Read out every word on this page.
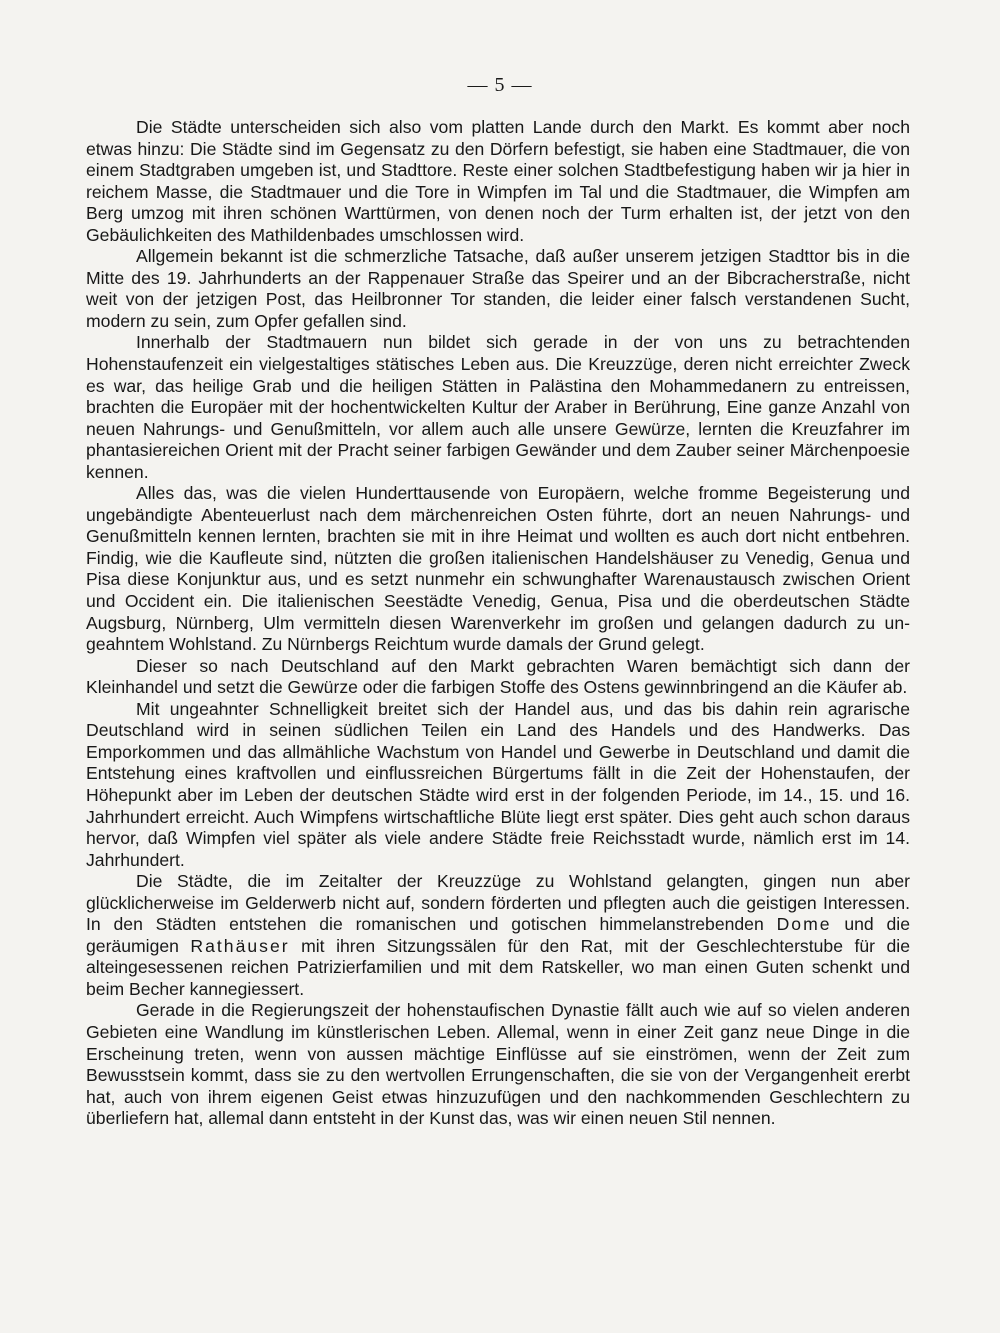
— 5 —

Die Städte unterscheiden sich also vom platten Lande durch den Markt. Es kommt aber noch etwas hinzu: Die Städte sind im Gegensatz zu den Dörfern befestigt, sie haben eine Stadtmauer, die von einem Stadtgraben umgeben ist, und Stadttore. Reste einer solchen Stadtbefestigung haben wir ja hier in reichem Masse, die Stadtmauer und die Tore in Wimpfen im Tal und die Stadtmauer, die Wimpfen am Berg umzog mit ihren schönen Warttürmen, von denen noch der Turm erhalten ist, der jetzt von den Gebäulichkeiten des Mathildenbades umschlossen wird.

Allgemein bekannt ist die schmerzliche Tatsache, daß außer unserem jetzigen Stadttor bis in die Mitte des 19. Jahrhunderts an der Rappenauer Straße das Speirer und an der Bibcracherstraße, nicht weit von der jetzigen Post, das Heilbronner Tor standen, die leider einer falsch verstandenen Sucht, modern zu sein, zum Opfer gefallen sind.

Innerhalb der Stadtmauern nun bildet sich gerade in der von uns zu betrachtenden Hohenstaufenzeit ein vielgestaltiges stätisches Leben aus. Die Kreuzzüge, deren nicht erreichter Zweck es war, das heilige Grab und die heiligen Stätten in Palästina den Mohammedanern zu entreissen, brachten die Europäer mit der hochentwickelten Kultur der Araber in Berührung, Eine ganze Anzahl von neuen Nahrungs- und Genußmitteln, vor allem auch alle unsere Gewürze, lernten die Kreuzfahrer im phantasiereichen Orient mit der Pracht seiner farbigen Gewänder und dem Zauber seiner Märchenpoesie kennen.

Alles das, was die vielen Hunderttausende von Europäern, welche fromme Begeisterung und ungebändigte Abenteuerlust nach dem märchenreichen Osten führte, dort an neuen Nahrungs- und Genußmitteln kennen lernten, brachten sie mit in ihre Heimat und wollten es auch dort nicht entbehren. Findig, wie die Kaufleute sind, nützten die großen italienischen Handelshäuser zu Venedig, Genua und Pisa diese Konjunktur aus, und es setzt nunmehr ein schwunghafter Warenaustausch zwischen Orient und Occident ein. Die italienischen Seestädte Venedig, Genua, Pisa und die oberdeutschen Städte Augsburg, Nürnberg, Ulm vermitteln diesen Warenverkehr im großen und gelangen dadurch zu ungeahntem Wohlstand. Zu Nürnbergs Reichtum wurde damals der Grund gelegt.

Dieser so nach Deutschland auf den Markt gebrachten Waren bemächtigt sich dann der Kleinhandel und setzt die Gewürze oder die farbigen Stoffe des Ostens gewinnbringend an die Käufer ab.

Mit ungeahnter Schnelligkeit breitet sich der Handel aus, und das bis dahin rein agrarische Deutschland wird in seinen südlichen Teilen ein Land des Handels und des Handwerks. Das Emporkommen und das allmähliche Wachstum von Handel und Gewerbe in Deutschland und damit die Entstehung eines kraftvollen und einflussreichen Bürgertums fällt in die Zeit der Hohenstaufen, der Höhepunkt aber im Leben der deutschen Städte wird erst in der folgenden Periode, im 14., 15. und 16. Jahrhundert erreicht. Auch Wimpfens wirtschaftliche Blüte liegt erst später. Dies geht auch schon daraus hervor, daß Wimpfen viel später als viele andere Städte freie Reichsstadt wurde, nämlich erst im 14. Jahrhundert.

Die Städte, die im Zeitalter der Kreuzzüge zu Wohlstand gelangten, gingen nun aber glücklicherweise im Gelderwerb nicht auf, sondern förderten und pflegten auch die geistigen Interessen. In den Städten entstehen die romanischen und gotischen himmelanstrebenden Dome und die geräumigen Rathäuser mit ihren Sitzungssälen für den Rat, mit der Geschlechterstube für die alteingesessenen reichen Patrizierfamilien und mit dem Ratskeller, wo man einen Guten schenkt und beim Becher kannegiessert.

Gerade in die Regierungszeit der hohenstaufischen Dynastie fällt auch wie auf so vielen anderen Gebieten eine Wandlung im künstlerischen Leben. Allemal, wenn in einer Zeit ganz neue Dinge in die Erscheinung treten, wenn von aussen mächtige Einflüsse auf sie einströmen, wenn der Zeit zum Bewusstsein kommt, dass sie zu den wertvollen Errungenschaften, die sie von der Vergangenheit ererbt hat, auch von ihrem eigenen Geist etwas hinzuzufügen und den nachkommenden Geschlechtern zu überliefern hat, allemal dann entsteht in der Kunst das, was wir einen neuen Stil nennen.
